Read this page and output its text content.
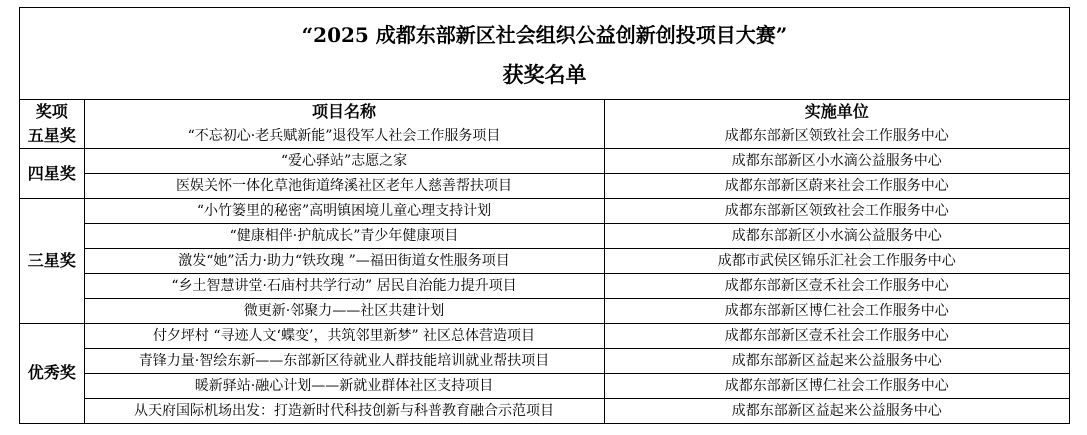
“2025 成都东部新区社会组织公益创新创投项目大赛”
获奖名单
奖项	项目名称	实施单位
五星奖	“不忘初心·老兵赋新能”退役军人社会工作服务项目	成都东部新区领致社会工作服务中心
四星奖	“爱心驿站”志愿之家	成都东部新区小水滴公益服务中心
	医娱关怀一体化草池街道绛溪社区老年人慈善帮扶项目	成都东部新区蔚来社会工作服务中心
三星奖	“小竹篓里的秘密”高明镇困境儿童心理支持计划	成都东部新区领致社会工作服务中心
	“健康相伴·护航成长”青少年健康项目	成都东部新区小水滴公益服务中心
	激发“她”活力·助力“铁玫瑰 ”—福田街道女性服务项目	成都市武侯区锦乐汇社会工作服务中心
	“乡土智慧讲堂·石庙村共学行动” 居民自治能力提升项目	成都东部新区壹禾社会工作服务中心
	微更新·邻聚力——社区共建计划	成都东部新区博仁社会工作服务中心
优秀奖	付夕坪村 “寻迹人文‘蝶变’，共筑邻里新梦” 社区总体营造项目	成都东部新区壹禾社会工作服务中心
	青锋力量·智绘东新——东部新区待就业人群技能培训就业帮扶项目	成都东部新区益起来公益服务中心
	暖新驿站·融心计划——新就业群体社区支持项目	成都东部新区博仁社会工作服务中心
	从天府国际机场出发：打造新时代科技创新与科普教育融合示范项目	成都东部新区益起来公益服务中心
